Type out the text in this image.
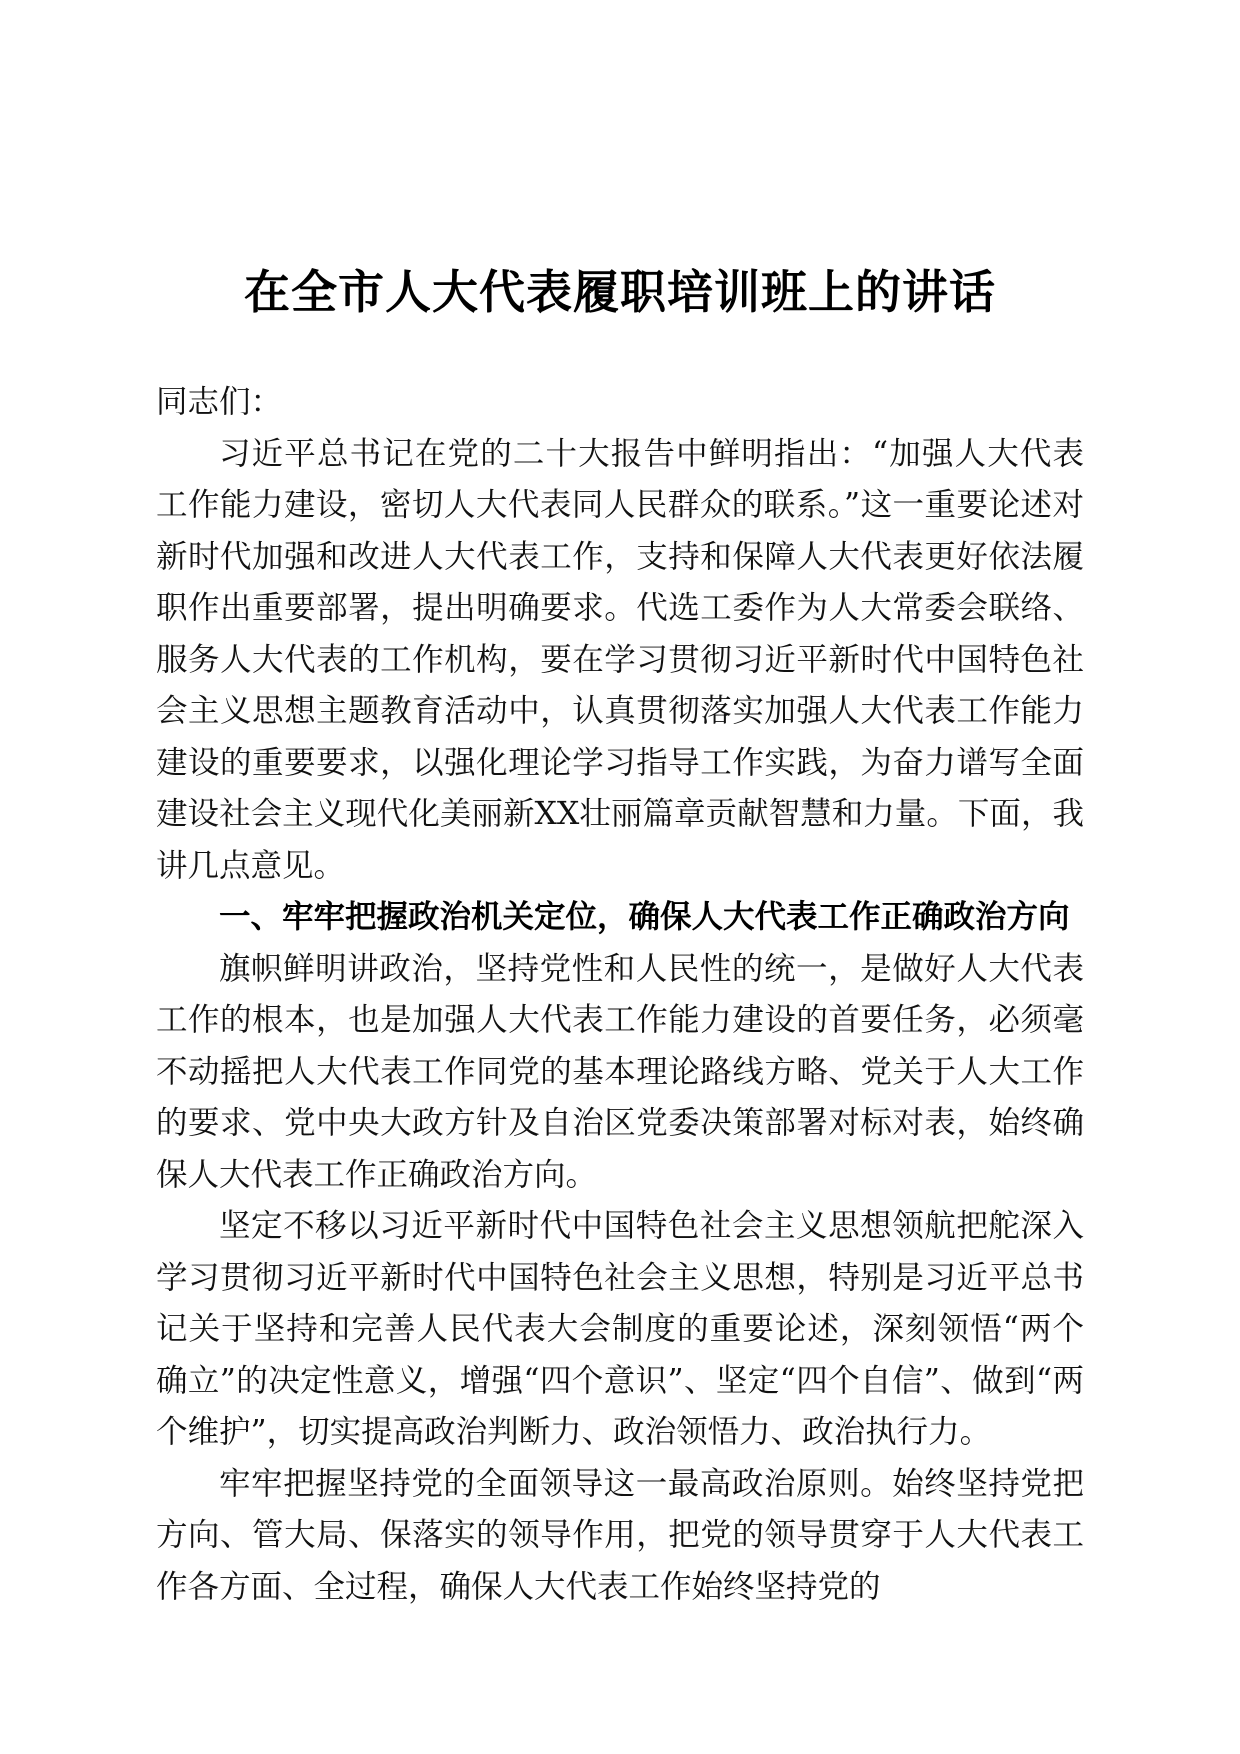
在全市人大代表履职培训班上的讲话

同志们：

习近平总书记在党的二十大报告中鲜明指出：“加强人大代表工作能力建设，密切人大代表同人民群众的联系。”这一重要论述对新时代加强和改进人大代表工作，支持和保障人大代表更好依法履职作出重要部署，提出明确要求。代选工委作为人大常委会联络、服务人大代表的工作机构，要在学习贯彻习近平新时代中国特色社会主义思想主题教育活动中，认真贯彻落实加强人大代表工作能力建设的重要要求，以强化理论学习指导工作实践，为奋力谱写全面建设社会主义现代化美丽新XX壮丽篇章贡献智慧和力量。下面，我讲几点意见。

一、牢牢把握政治机关定位，确保人大代表工作正确政治方向

旗帜鲜明讲政治，坚持党性和人民性的统一，是做好人大代表工作的根本，也是加强人大代表工作能力建设的首要任务，必须毫不动摇把人大代表工作同党的基本理论路线方略、党关于人大工作的要求、党中央大政方针及自治区党委决策部署对标对表，始终确保人大代表工作正确政治方向。

坚定不移以习近平新时代中国特色社会主义思想领航把舵深入学习贯彻习近平新时代中国特色社会主义思想，特别是习近平总书记关于坚持和完善人民代表大会制度的重要论述，深刻领悟“两个确立”的决定性意义，增强“四个意识”、坚定“四个自信”、做到“两个维护”，切实提高政治判断力、政治领悟力、政治执行力。

牢牢把握坚持党的全面领导这一最高政治原则。始终坚持党把方向、管大局、保落实的领导作用，把党的领导贯穿于人大代表工作各方面、全过程，确保人大代表工作始终坚持党的
